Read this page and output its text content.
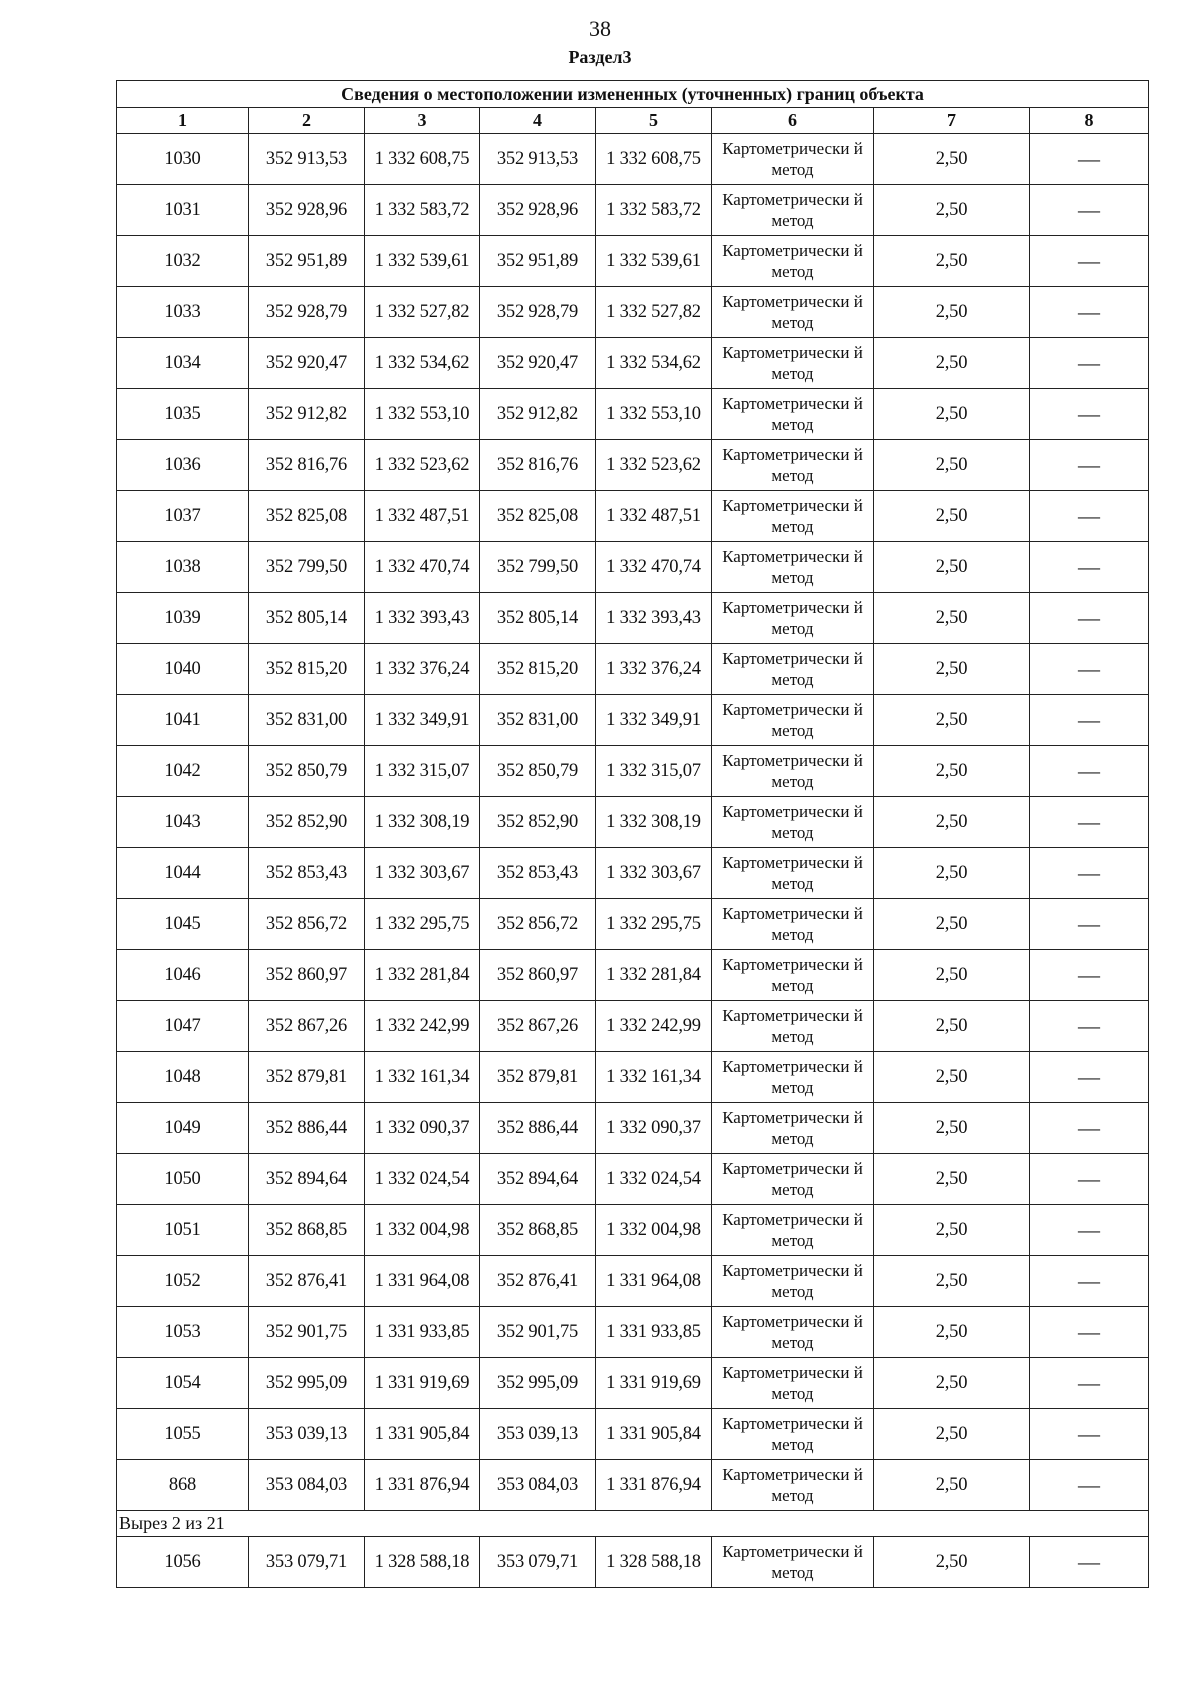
38
Раздел3
Сведения о местоположении измененных (уточненных) границ объекта							
1	2	3	4	5	6	7	8
1030	352 913,53	1 332 608,75	352 913,53	1 332 608,75	Картометрически й метод	2,50	—
1031	352 928,96	1 332 583,72	352 928,96	1 332 583,72	Картометрически й метод	2,50	—
1032	352 951,89	1 332 539,61	352 951,89	1 332 539,61	Картометрически й метод	2,50	—
1033	352 928,79	1 332 527,82	352 928,79	1 332 527,82	Картометрически й метод	2,50	—
1034	352 920,47	1 332 534,62	352 920,47	1 332 534,62	Картометрически й метод	2,50	—
1035	352 912,82	1 332 553,10	352 912,82	1 332 553,10	Картометрически й метод	2,50	—
1036	352 816,76	1 332 523,62	352 816,76	1 332 523,62	Картометрически й метод	2,50	—
1037	352 825,08	1 332 487,51	352 825,08	1 332 487,51	Картометрически й метод	2,50	—
1038	352 799,50	1 332 470,74	352 799,50	1 332 470,74	Картометрически й метод	2,50	—
1039	352 805,14	1 332 393,43	352 805,14	1 332 393,43	Картометрически й метод	2,50	—
1040	352 815,20	1 332 376,24	352 815,20	1 332 376,24	Картометрически й метод	2,50	—
1041	352 831,00	1 332 349,91	352 831,00	1 332 349,91	Картометрически й метод	2,50	—
1042	352 850,79	1 332 315,07	352 850,79	1 332 315,07	Картометрически й метод	2,50	—
1043	352 852,90	1 332 308,19	352 852,90	1 332 308,19	Картометрически й метод	2,50	—
1044	352 853,43	1 332 303,67	352 853,43	1 332 303,67	Картометрически й метод	2,50	—
1045	352 856,72	1 332 295,75	352 856,72	1 332 295,75	Картометрически й метод	2,50	—
1046	352 860,97	1 332 281,84	352 860,97	1 332 281,84	Картометрически й метод	2,50	—
1047	352 867,26	1 332 242,99	352 867,26	1 332 242,99	Картометрически й метод	2,50	—
1048	352 879,81	1 332 161,34	352 879,81	1 332 161,34	Картометрически й метод	2,50	—
1049	352 886,44	1 332 090,37	352 886,44	1 332 090,37	Картометрически й метод	2,50	—
1050	352 894,64	1 332 024,54	352 894,64	1 332 024,54	Картометрически й метод	2,50	—
1051	352 868,85	1 332 004,98	352 868,85	1 332 004,98	Картометрически й метод	2,50	—
1052	352 876,41	1 331 964,08	352 876,41	1 331 964,08	Картометрически й метод	2,50	—
1053	352 901,75	1 331 933,85	352 901,75	1 331 933,85	Картометрически й метод	2,50	—
1054	352 995,09	1 331 919,69	352 995,09	1 331 919,69	Картометрически й метод	2,50	—
1055	353 039,13	1 331 905,84	353 039,13	1 331 905,84	Картометрически й метод	2,50	—
868	353 084,03	1 331 876,94	353 084,03	1 331 876,94	Картометрически й метод	2,50	—
Вырез 2 из 21							
1056	353 079,71	1 328 588,18	353 079,71	1 328 588,18	Картометрически й метод	2,50	—
